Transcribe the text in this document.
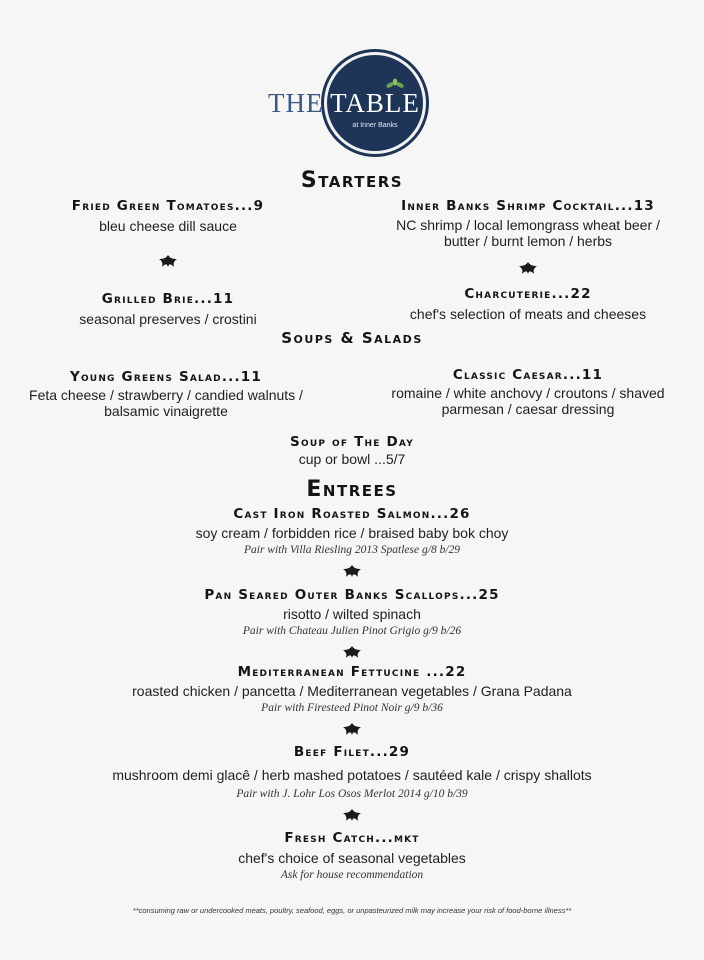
THE TABLE
at Inner Banks
Starters
Fried Green Tomatoes...9
bleu cheese dill sauce
Grilled Brie...11
seasonal preserves / crostini
Inner Banks Shrimp Cocktail...13
NC shrimp / local lemongrass wheat beer /
butter / burnt lemon / herbs
Charcuterie...22
chef's selection of meats and cheeses
Soups & Salads
Young Greens Salad...11
Feta cheese / strawberry / candied walnuts /
balsamic vinaigrette
Classic Caesar...11
romaine / white anchovy / croutons / shaved
parmesan / caesar dressing
Soup of The Day
cup or bowl ...5/7
Entrees
Cast Iron Roasted Salmon...26
soy cream / forbidden rice / braised baby bok choy
Pair with Villa Riesling 2013 Spatlese g/8 b/29
Pan Seared Outer Banks Scallops...25
risotto / wilted spinach
Pair with Chateau Julien Pinot Grigio g/9 b/26
Mediterranean Fettucine ...22
roasted chicken / pancetta / Mediterranean vegetables / Grana Padana
Pair with Firesteed Pinot Noir g/9 b/36
Beef Filet...29
mushroom demi glacê / herb mashed potatoes / sautéed kale / crispy shallots
Pair with J. Lohr Los Osos Merlot 2014 g/10 b/39
Fresh Catch...mkt
chef's choice of seasonal vegetables
Ask for house recommendation
**consuming raw or undercooked meats, poultry, seafood, eggs, or unpasteurized milk may increase your risk of food-borne illness**
